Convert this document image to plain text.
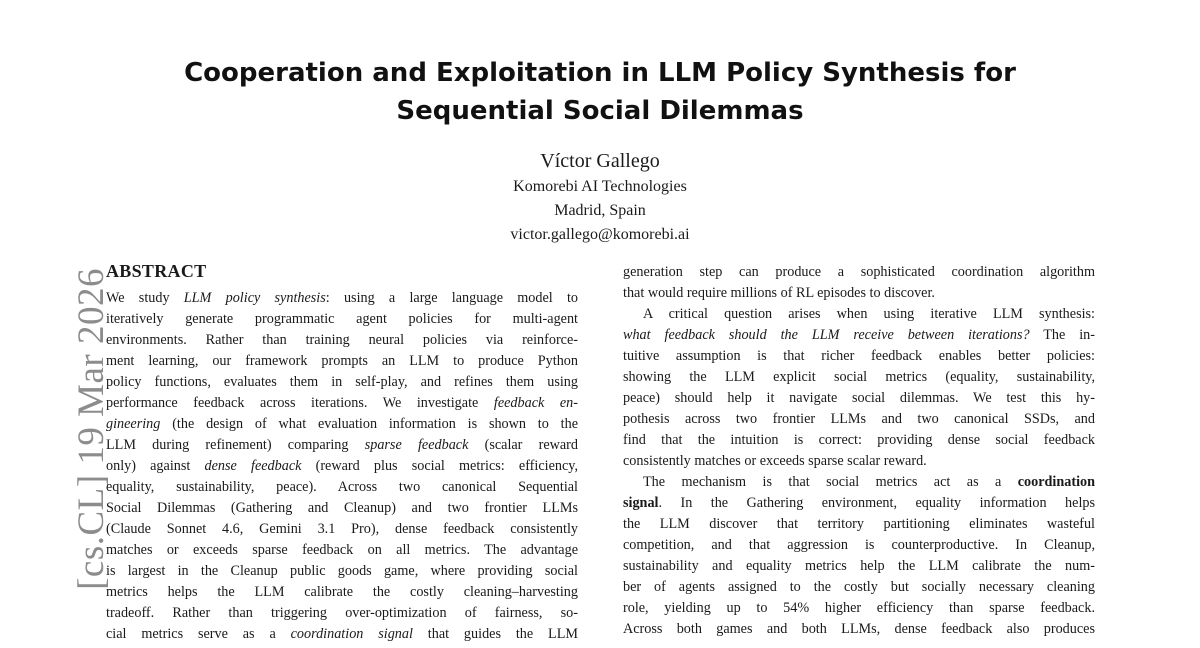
[cs.CL] 19 Mar 2026
Cooperation and Exploitation in LLM Policy Synthesis for
Sequential Social Dilemmas
Víctor Gallego
Komorebi AI Technologies
Madrid, Spain
victor.gallego@komorebi.ai
ABSTRACT
We study LLM policy synthesis: using a large language model to
iteratively generate programmatic agent policies for multi-agent
environments. Rather than training neural policies via reinforce-
ment learning, our framework prompts an LLM to produce Python
policy functions, evaluates them in self-play, and refines them using
performance feedback across iterations. We investigate feedback en-
gineering (the design of what evaluation information is shown to the
LLM during refinement) comparing sparse feedback (scalar reward
only) against dense feedback (reward plus social metrics: efficiency,
equality, sustainability, peace). Across two canonical Sequential
Social Dilemmas (Gathering and Cleanup) and two frontier LLMs
(Claude Sonnet 4.6, Gemini 3.1 Pro), dense feedback consistently
matches or exceeds sparse feedback on all metrics. The advantage
is largest in the Cleanup public goods game, where providing social
metrics helps the LLM calibrate the costly cleaning–harvesting
tradeoff. Rather than triggering over-optimization of fairness, so-
cial metrics serve as a coordination signal that guides the LLM
generation step can produce a sophisticated coordination algorithm
that would require millions of RL episodes to discover.
A critical question arises when using iterative LLM synthesis:
what feedback should the LLM receive between iterations? The in-
tuitive assumption is that richer feedback enables better policies:
showing the LLM explicit social metrics (equality, sustainability,
peace) should help it navigate social dilemmas. We test this hy-
pothesis across two frontier LLMs and two canonical SSDs, and
find that the intuition is correct: providing dense social feedback
consistently matches or exceeds sparse scalar reward.
The mechanism is that social metrics act as a coordination
signal. In the Gathering environment, equality information helps
the LLM discover that territory partitioning eliminates wasteful
competition, and that aggression is counterproductive. In Cleanup,
sustainability and equality metrics help the LLM calibrate the num-
ber of agents assigned to the costly but socially necessary cleaning
role, yielding up to 54% higher efficiency than sparse feedback.
Across both games and both LLMs, dense feedback also produces
